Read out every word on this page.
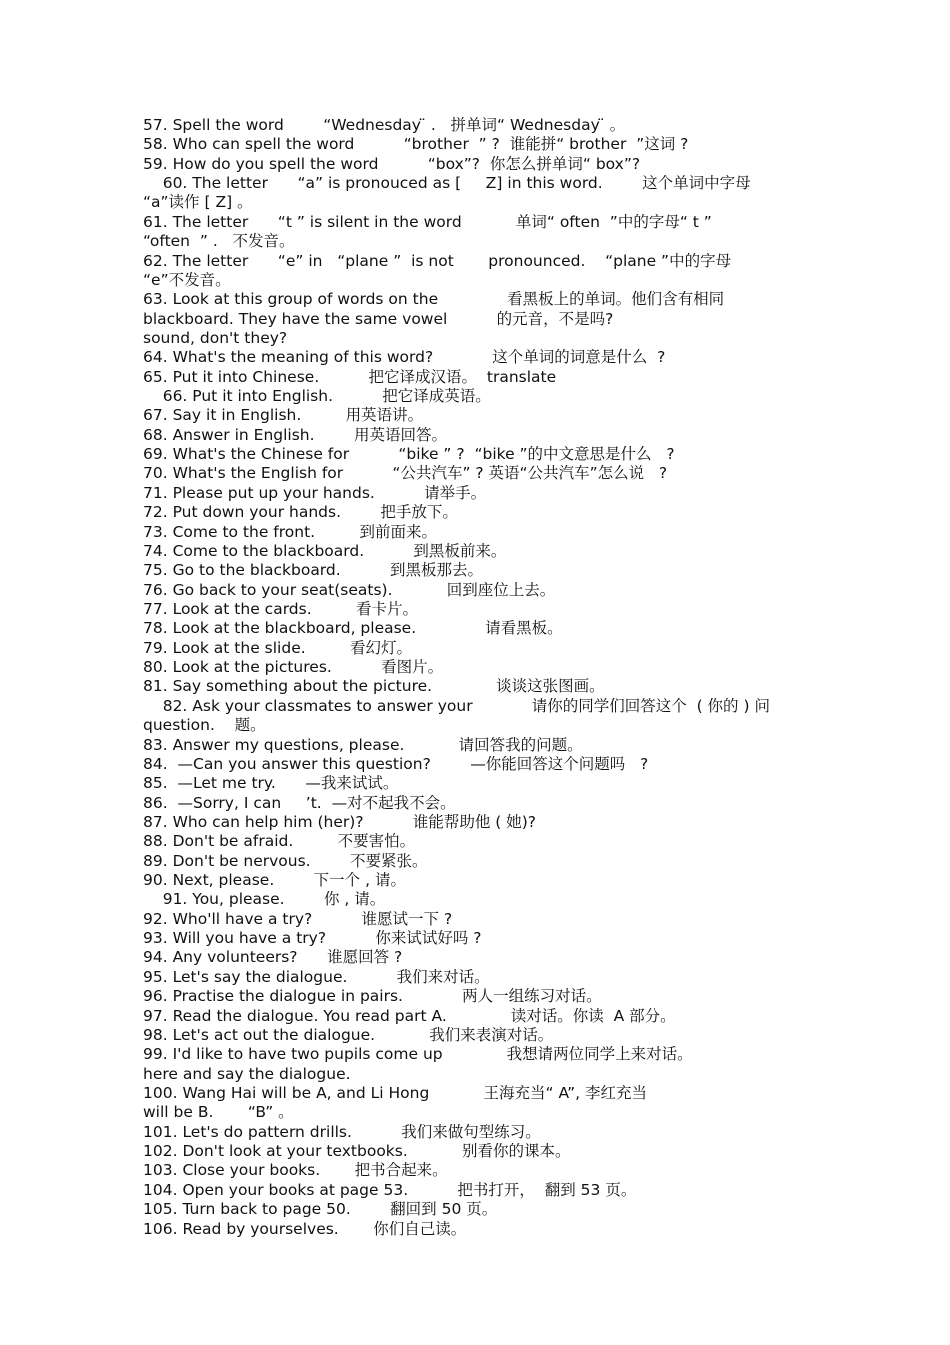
57. Spell the word        “Wednesday ̈ .   拼单词“ Wednesday ̈ 。
58. Who can spell the word          “brother  ” ?  谁能拼“ brother  ”这词 ?
59. How do you spell the word          “box”?  你怎么拼单词“ box”?
60. The letter      “a” is pronouced as [     Z] in this word.        这个单词中字母
“a”读作 [ Z] 。
61. The letter      “t ” is silent in the word           单词“ often  ”中的字母“ t ”
“often  ” .   不发音。
62. The letter      “e” in   “plane ”  is not       pronounced.    “plane ”中的字母
“e”不发音。
63. Look at this group of words on the              看黑板上的单词。他们含有相同
blackboard. They have the same vowel          的元音，不是吗?
sound, don't they?
64. What's the meaning of this word?            这个单词的词意是什么  ?
65. Put it into Chinese.          把它译成汉语。  translate
66. Put it into English.          把它译成英语。
67. Say it in English.         用英语讲。
68. Answer in English.        用英语回答。
69. What's the Chinese for          “bike ” ?  “bike ”的中文意思是什么   ?
70. What's the English for          “公共汽车” ? 英语“公共汽车”怎么说   ?
71. Please put up your hands.          请举手。
72. Put down your hands.        把手放下。
73. Come to the front.         到前面来。
74. Come to the blackboard.          到黑板前来。
75. Go to the blackboard.          到黑板那去。
76. Go back to your seat(seats).           回到座位上去。
77. Look at the cards.         看卡片。
78. Look at the blackboard, please.              请看黑板。
79. Look at the slide.         看幻灯。
80. Look at the pictures.          看图片。
81. Say something about the picture.             谈谈这张图画。
82. Ask your classmates to answer your            请你的同学们回答这个  ( 你的 ) 问
question.    题。
83. Answer my questions, please.           请回答我的问题。
84.  —Can you answer this question?        —你能回答这个问题吗   ?
85.  —Let me try.      —我来试试。
86.  —Sorry, I can     ’t.  —对不起我不会。
87. Who can help him (her)?          谁能帮助他 ( 她)?
88. Don't be afraid.         不要害怕。
89. Don't be nervous.        不要紧张。
90. Next, please.        下一个 , 请。
91. You, please.        你 , 请。
92. Who'll have a try?          谁愿试一下 ?
93. Will you have a try?          你来试试好吗 ?
94. Any volunteers?      谁愿回答 ?
95. Let's say the dialogue.          我们来对话。
96. Practise the dialogue in pairs.            两人一组练习对话。
97. Read the dialogue. You read part A.             读对话。你读  A 部分。
98. Let's act out the dialogue.           我们来表演对话。
99. I'd like to have two pupils come up             我想请两位同学上来对话。
here and say the dialogue.
100. Wang Hai will be A, and Li Hong           王海充当“ A”, 李红充当
will be B.       “B” 。
101. Let's do pattern drills.          我们来做句型练习。
102. Don't look at your textbooks.           别看你的课本。
103. Close your books.       把书合起来。
104. Open your books at page 53.          把书打开，  翻到 53 页。
105. Turn back to page 50.        翻回到 50 页。
106. Read by yourselves.       你们自己读。
